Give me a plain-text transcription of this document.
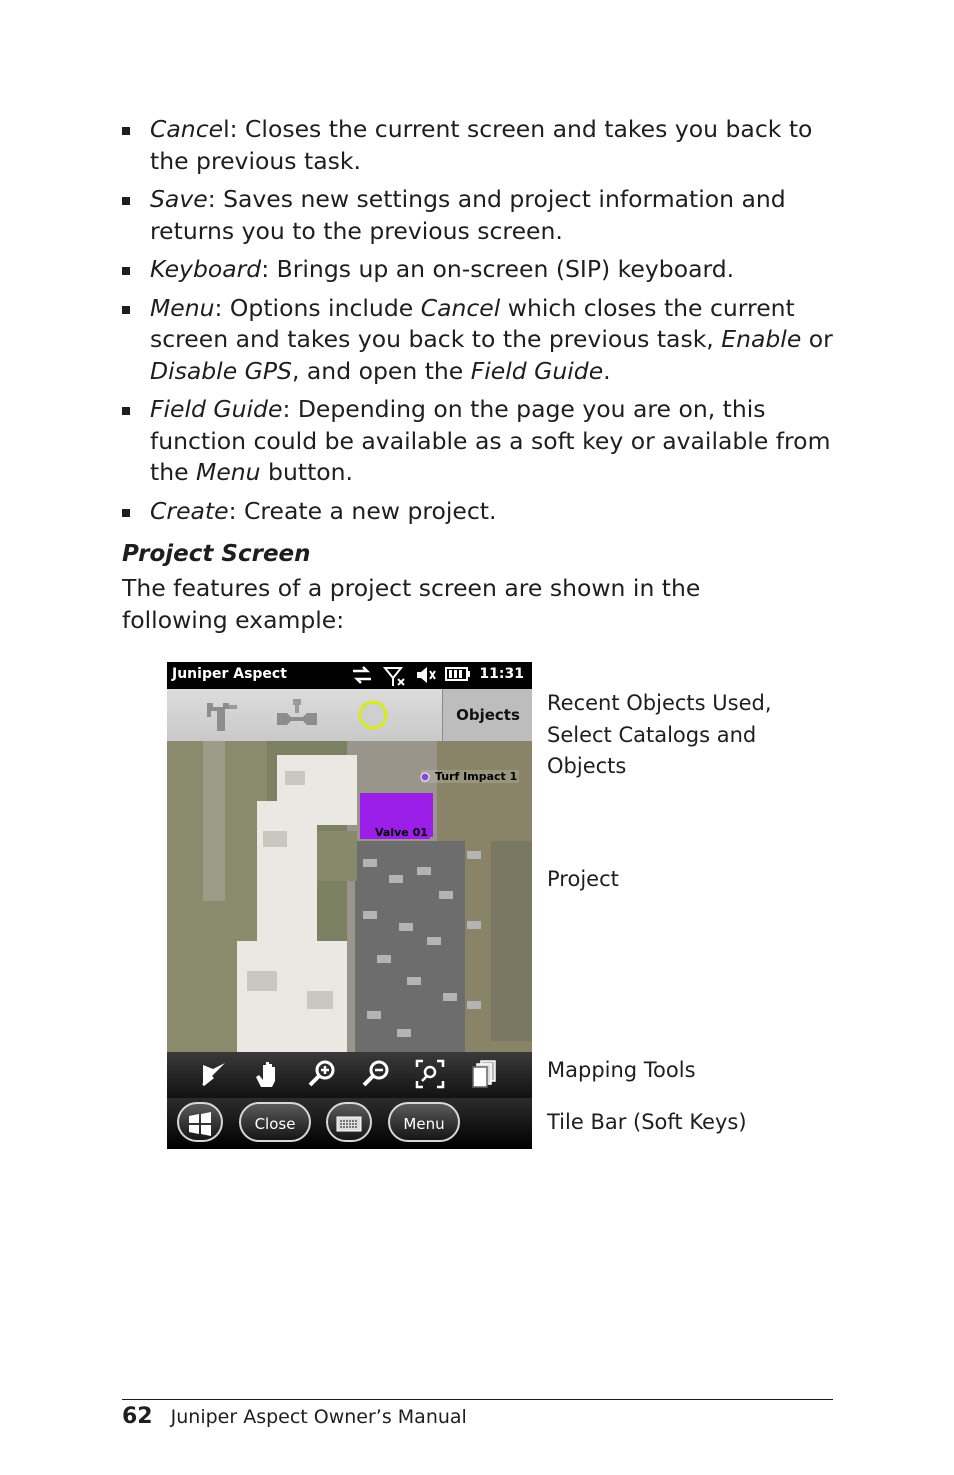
Cancel: Closes the current screen and takes you back to the previous task.
Save: Saves new settings and project information and returns you to the previous screen.
Keyboard: Brings up an on-screen (SIP) keyboard.
Menu: Options include Cancel which closes the current screen and takes you back to the previous task, Enable or Disable GPS, and open the Field Guide.
Field Guide: Depending on the page you are on, this function could be available as a soft key or available from the Menu button.
Create: Create a new project.
Project Screen
The features of a project screen are shown in the following example:
Juniper Aspect	11:31
Objects
Turf Impact 1
Valve 01
Close	Menu
Recent Objects Used, Select Catalogs and Objects
Project
Mapping Tools
Tile Bar (Soft Keys)
62 Juniper Aspect Owner’s Manual
